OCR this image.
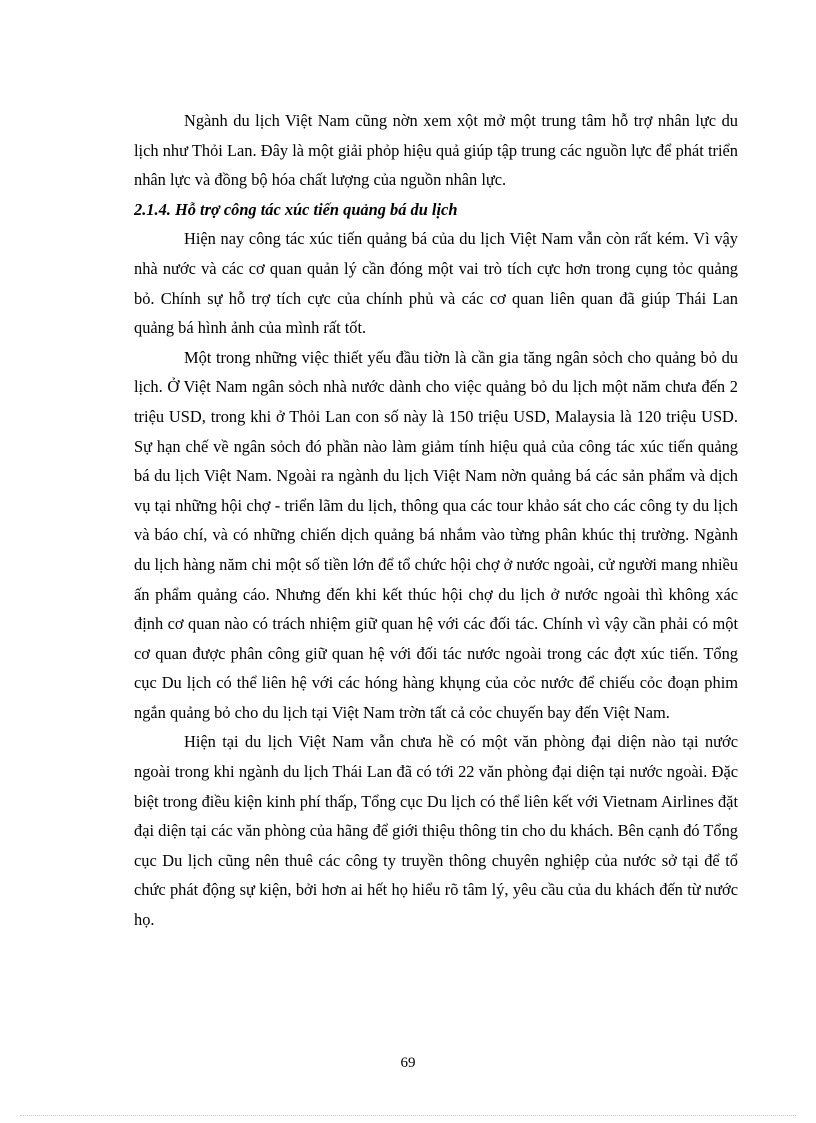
Ngành du lịch Việt Nam cũng nờn xem xột mở một trung tâm hỗ trợ nhân lực du lịch như Thỏi Lan. Đây là một giải phỏp hiệu quả giúp tập trung các nguồn lực để phát triển nhân lực và đồng bộ hóa chất lượng của nguồn nhân lực.

2.1.4. Hỗ trợ công tác xúc tiến quảng bá du lịch

Hiện nay công tác xúc tiến quảng bá của du lịch Việt Nam vẫn còn rất kém. Vì vậy nhà nước và các cơ quan quản lý cần đóng một vai trò tích cực hơn trong cụng tỏc quảng bỏ. Chính sự hỗ trợ tích cực của chính phủ và các cơ quan liên quan đã giúp Thái Lan quảng bá hình ảnh của mình rất tốt.

Một trong những việc thiết yếu đầu tiờn là cần gia tăng ngân sỏch cho quảng bỏ du lịch. Ở Việt Nam ngân sỏch nhà nước dành cho việc quảng bỏ du lịch một năm chưa đến 2 triệu USD, trong khi ở Thỏi Lan con số này là 150 triệu USD, Malaysia là 120 triệu USD. Sự hạn chế về ngân sỏch đó phần nào làm giảm tính hiệu quả của công tác xúc tiến quảng bá du lịch Việt Nam. Ngoài ra ngành du lịch Việt Nam nờn quảng bá các sản phẩm và dịch vụ tại những hội chợ - triển lãm du lịch, thông qua các tour khảo sát cho các công ty du lịch và báo chí, và có những chiến dịch quảng bá nhắm vào từng phân khúc thị trường. Ngành du lịch hàng năm chi một số tiền lớn để tổ chức hội chợ ở nước ngoài, cử người mang nhiều ấn phẩm quảng cáo. Nhưng đến khi kết thúc hội chợ du lịch ở nước ngoài thì không xác định cơ quan nào có trách nhiệm giữ quan hệ với các đối tác. Chính vì vậy cần phải có một cơ quan được phân công giữ quan hệ với đối tác nước ngoài trong các đợt xúc tiến. Tổng cục Du lịch có thể liên hệ với các hóng hàng khụng của cỏc nước để chiếu cỏc đoạn phim ngắn quảng bỏ cho du lịch tại Việt Nam trờn tất cả cỏc chuyến bay đến Việt Nam.

Hiện tại du lịch Việt Nam vẫn chưa hề có một văn phòng đại diện nào tại nước ngoài trong khi ngành du lịch Thái Lan đã có tới 22 văn phòng đại diện tại nước ngoài. Đặc biệt trong điều kiện kinh phí thấp, Tổng cục Du lịch có thể liên kết với Vietnam Airlines đặt đại diện tại các văn phòng của hãng để giới thiệu thông tin cho du khách. Bên cạnh đó Tổng cục Du lịch cũng nên thuê các công ty truyền thông chuyên nghiệp của nước sở tại để tổ chức phát động sự kiện, bởi hơn ai hết họ hiểu rõ tâm lý, yêu cầu của du khách đến từ nước họ.

69
